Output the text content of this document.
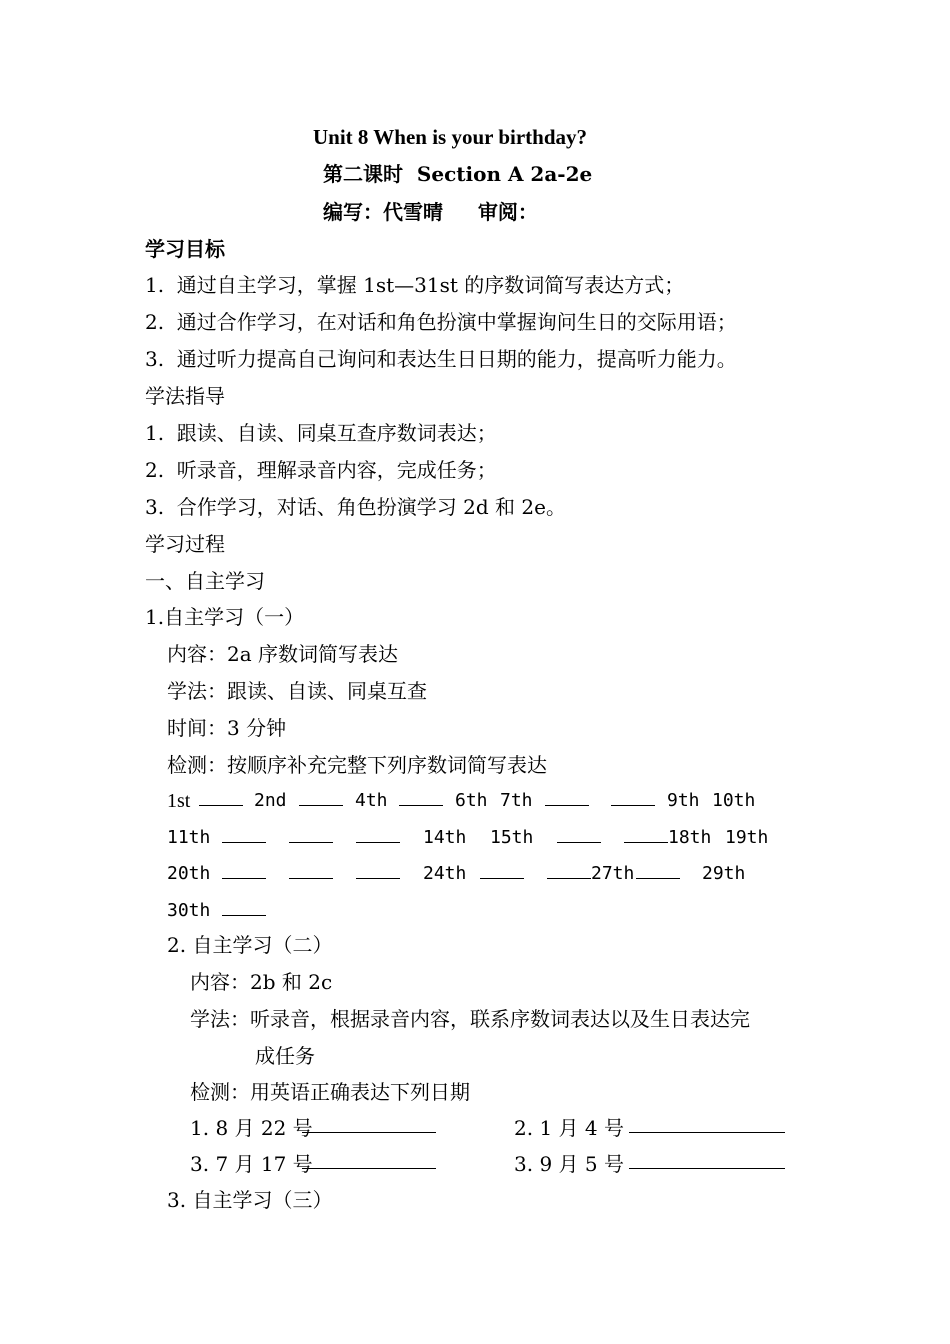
Unit 8 When is your birthday?
第二课时  Section A 2a-2e
编写：代雪晴     审阅：
学习目标
1.  通过自主学习，掌握 1st—31st 的序数词简写表达方式；
2.  通过合作学习，在对话和角色扮演中掌握询问生日的交际用语；
3.  通过听力提高自己询问和表达生日日期的能力，提高听力能力。
学法指导
1.  跟读、自读、同桌互查序数词表达；
2.  听录音，理解录音内容，完成任务；
3.  合作学习，对话、角色扮演学习 2d 和 2e。
学习过程
一、自主学习
1.自主学习（一）
内容：2a 序数词简写表达
学法：跟读、自读、同桌互查
时间：3 分钟
检测：按顺序补充完整下列序数词简写表达
1st	2nd	4th	6th 7th	9th 10th
11th	14th 15th	18th 19th
20th	24th	27th	29th
30th
2. 自主学习（二）
内容：2b 和 2c
学法：听录音，根据录音内容，联系序数词表达以及生日表达完
成任务
检测：用英语正确表达下列日期
1. 8 月 22 号	2. 1 月 4 号
3. 7 月 17 号	3. 9 月 5 号
3. 自主学习（三）
